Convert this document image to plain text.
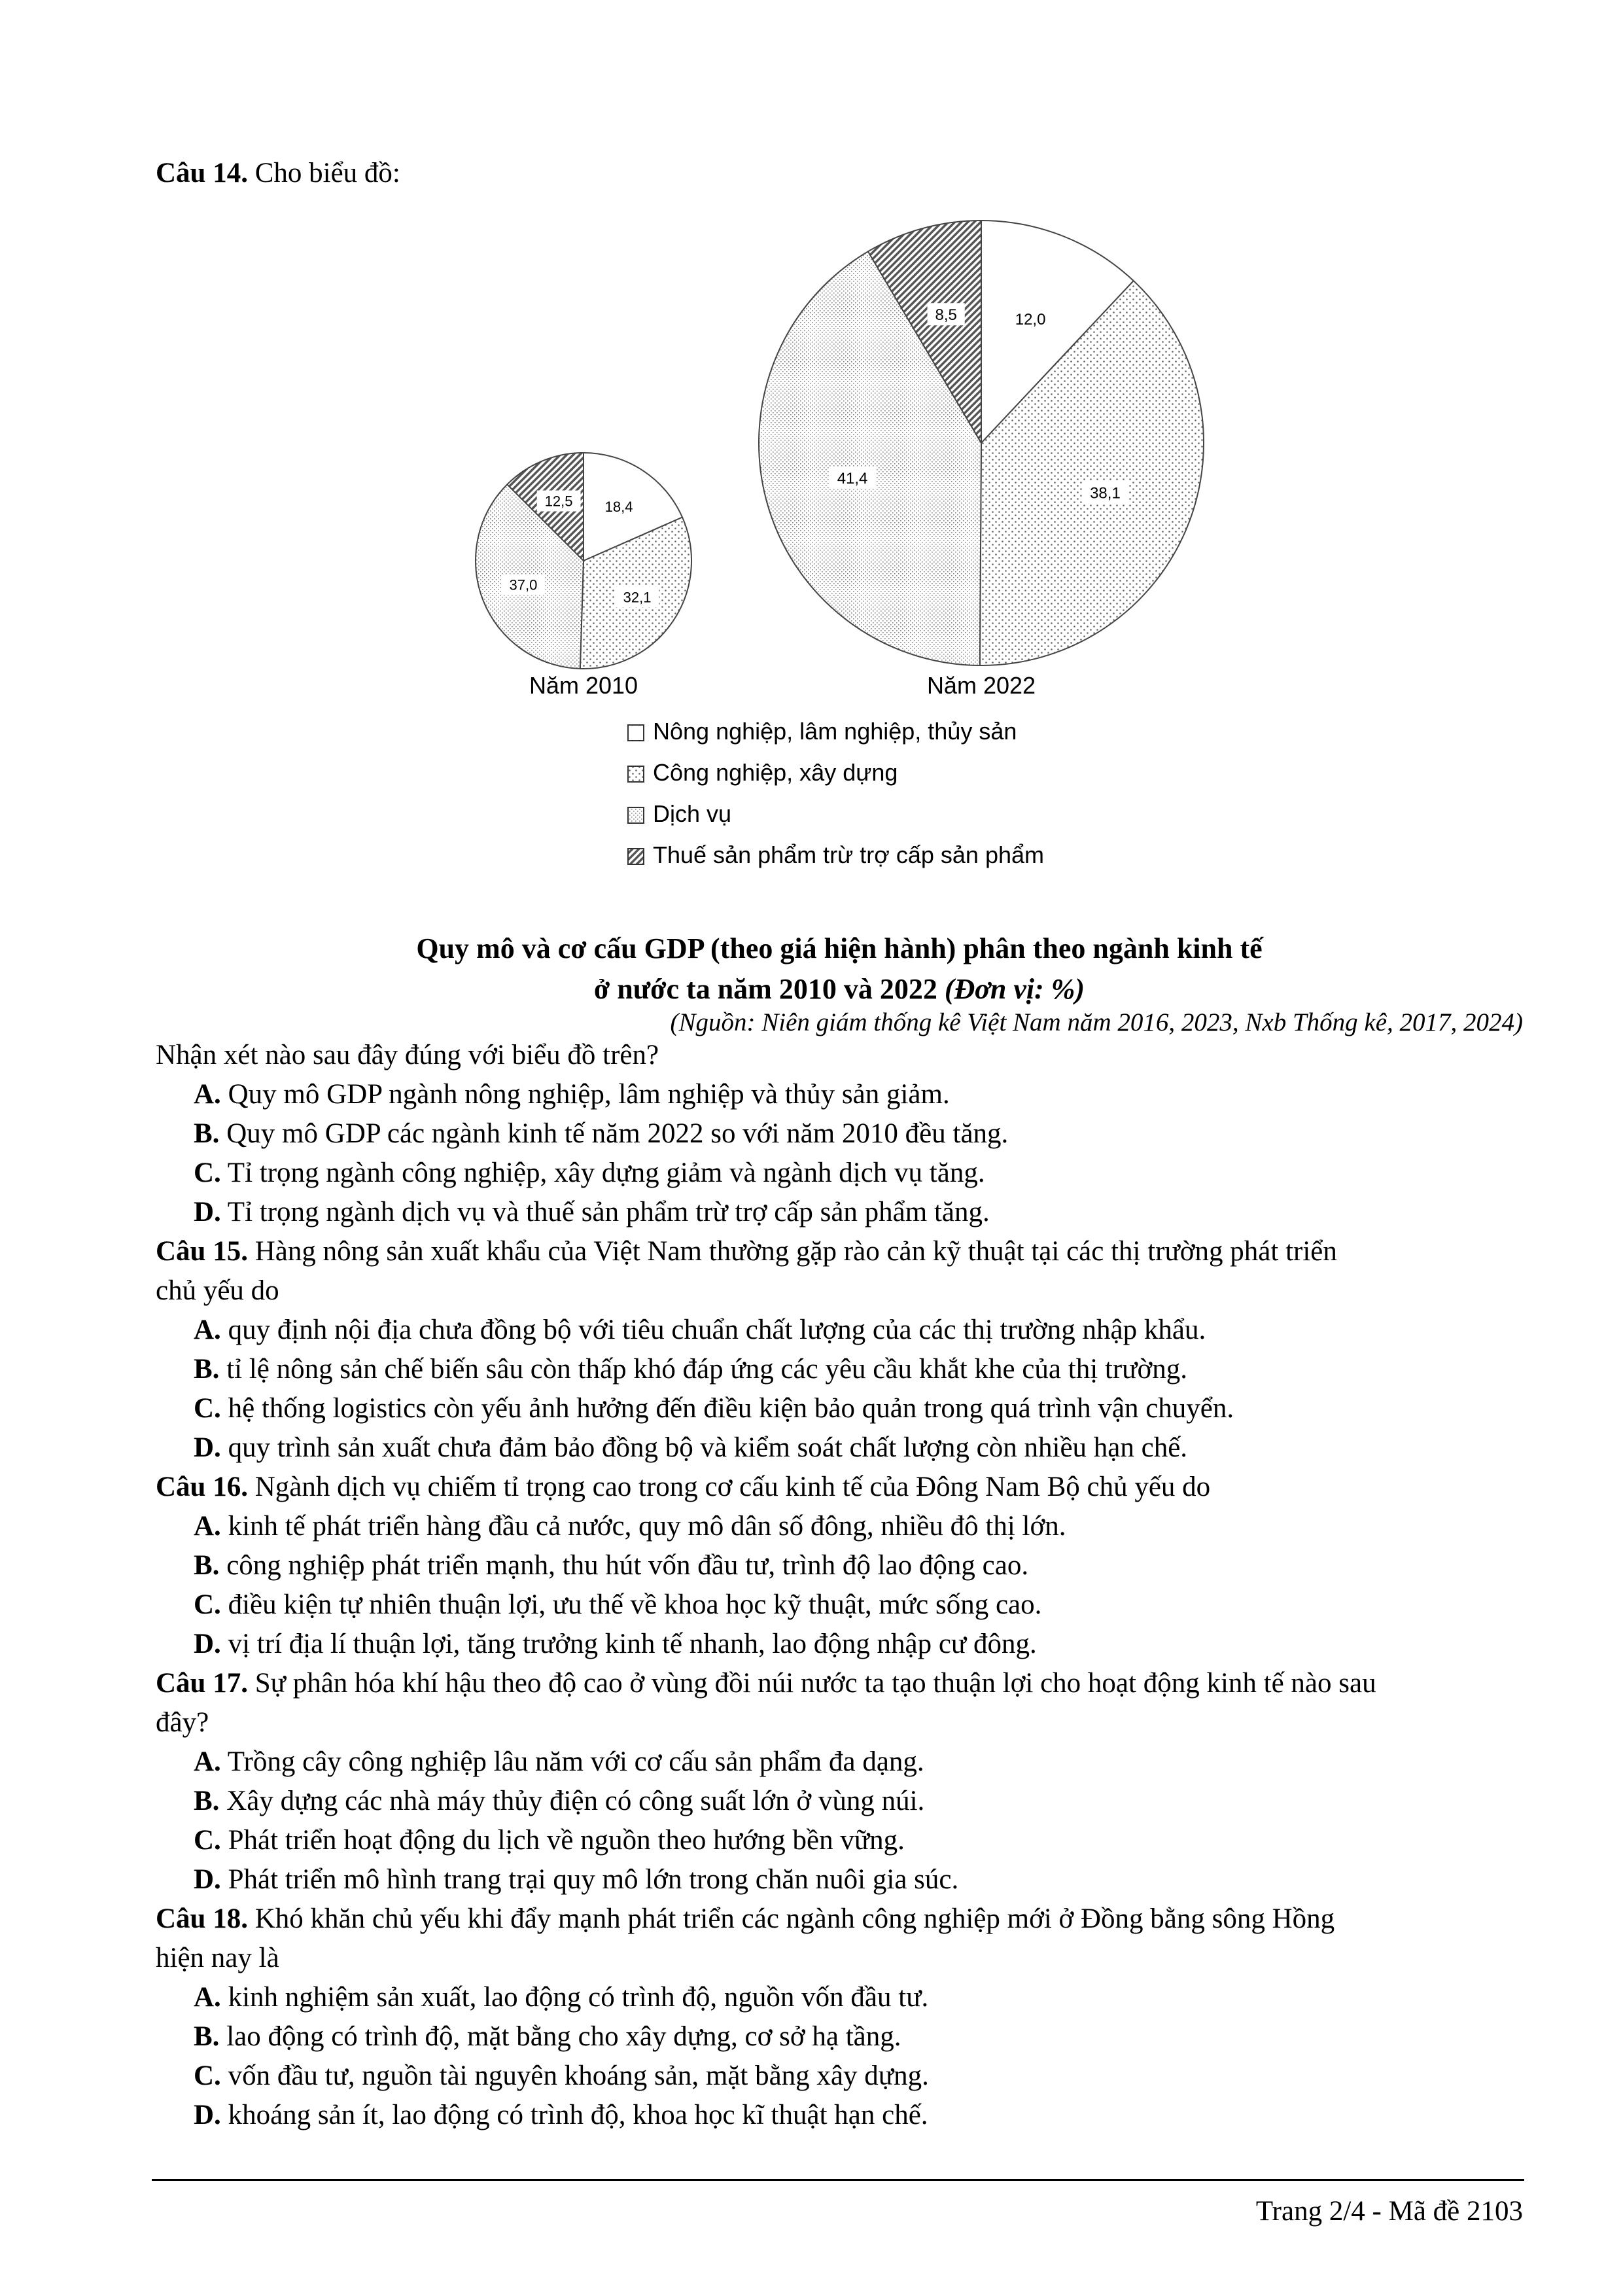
Câu 14. Cho biểu đồ:
18,4
32,1
37,0
12,5
12,0
38,1
41,4
8,5
Năm 2010	Năm 2022
Nông nghiệp, lâm nghiệp, thủy sản
Công nghiệp, xây dựng
Dịch vụ
Thuế sản phẩm trừ trợ cấp sản phẩm
Quy mô và cơ cấu GDP (theo giá hiện hành) phân theo ngành kinh tế
ở nước ta năm 2010 và 2022 (Đơn vị: %)
(Nguồn: Niên giám thống kê Việt Nam năm 2016, 2023, Nxb Thống kê, 2017, 2024)
Nhận xét nào sau đây đúng với biểu đồ trên?
A. Quy mô GDP ngành nông nghiệp, lâm nghiệp và thủy sản giảm.
B. Quy mô GDP các ngành kinh tế năm 2022 so với năm 2010 đều tăng.
C. Tỉ trọng ngành công nghiệp, xây dựng giảm và ngành dịch vụ tăng.
D. Tỉ trọng ngành dịch vụ và thuế sản phẩm trừ trợ cấp sản phẩm tăng.
Câu 15. Hàng nông sản xuất khẩu của Việt Nam thường gặp rào cản kỹ thuật tại các thị trường phát triển
chủ yếu do
A. quy định nội địa chưa đồng bộ với tiêu chuẩn chất lượng của các thị trường nhập khẩu.
B. tỉ lệ nông sản chế biến sâu còn thấp khó đáp ứng các yêu cầu khắt khe của thị trường.
C. hệ thống logistics còn yếu ảnh hưởng đến điều kiện bảo quản trong quá trình vận chuyển.
D. quy trình sản xuất chưa đảm bảo đồng bộ và kiểm soát chất lượng còn nhiều hạn chế.
Câu 16. Ngành dịch vụ chiếm tỉ trọng cao trong cơ cấu kinh tế của Đông Nam Bộ chủ yếu do
A. kinh tế phát triển hàng đầu cả nước, quy mô dân số đông, nhiều đô thị lớn.
B. công nghiệp phát triển mạnh, thu hút vốn đầu tư, trình độ lao động cao.
C. điều kiện tự nhiên thuận lợi, ưu thế về khoa học kỹ thuật, mức sống cao.
D. vị trí địa lí thuận lợi, tăng trưởng kinh tế nhanh, lao động nhập cư đông.
Câu 17. Sự phân hóa khí hậu theo độ cao ở vùng đồi núi nước ta tạo thuận lợi cho hoạt động kinh tế nào sau
đây?
A. Trồng cây công nghiệp lâu năm với cơ cấu sản phẩm đa dạng.
B. Xây dựng các nhà máy thủy điện có công suất lớn ở vùng núi.
C. Phát triển hoạt động du lịch về nguồn theo hướng bền vững.
D. Phát triển mô hình trang trại quy mô lớn trong chăn nuôi gia súc.
Câu 18. Khó khăn chủ yếu khi đẩy mạnh phát triển các ngành công nghiệp mới ở Đồng bằng sông Hồng
hiện nay là
A. kinh nghiệm sản xuất, lao động có trình độ, nguồn vốn đầu tư.
B. lao động có trình độ, mặt bằng cho xây dựng, cơ sở hạ tầng.
C. vốn đầu tư, nguồn tài nguyên khoáng sản, mặt bằng xây dựng.
D. khoáng sản ít, lao động có trình độ, khoa học kĩ thuật hạn chế.
Trang 2/4 - Mã đề 2103
